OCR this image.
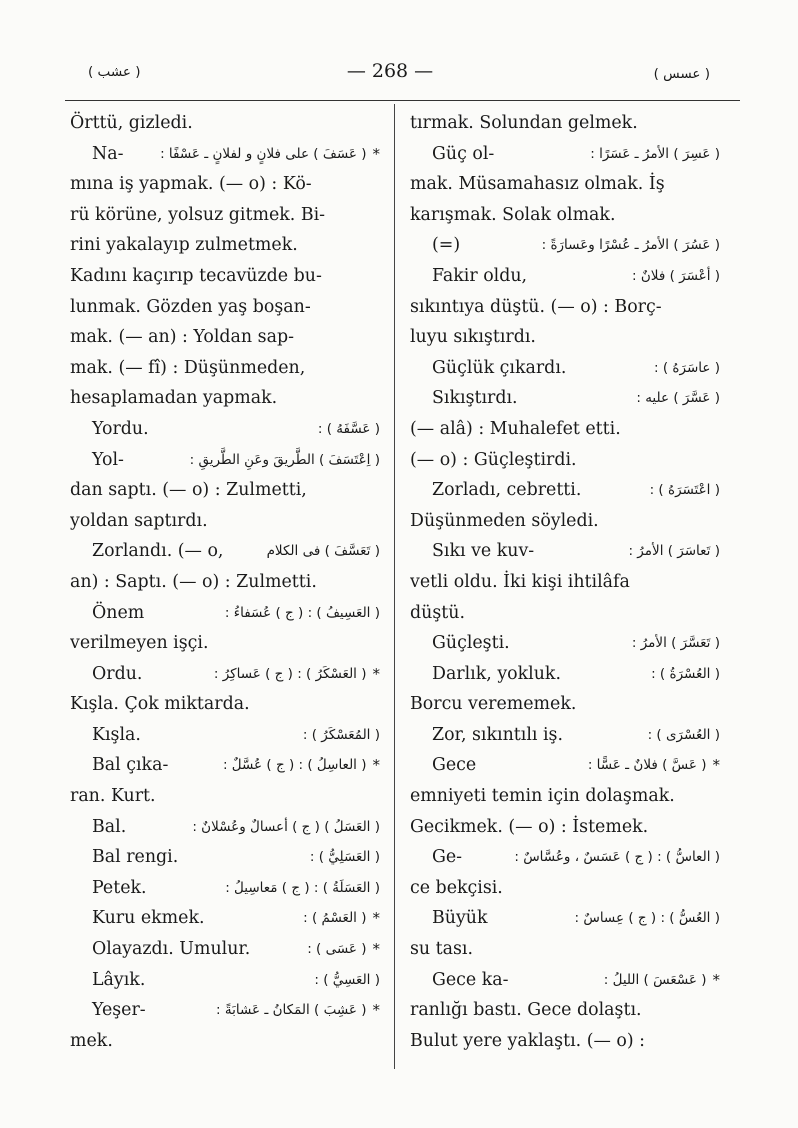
( عشب )	— 268 —	( عسس )
Örttü, gizledi.
Na-	( عَسَفَ ) علی فلانٍ و لفلانٍ ـ عَسْفًا : *
mına iş yapmak. (— o) : Kö-
rü körüne, yolsuz gitmek. Bi-
rini yakalayıp zulmetmek.
Kadını kaçırıp tecavüzde bu-
lunmak. Gözden yaş boşan-
mak. (— an) : Yoldan sap-
mak. (— fî) : Düşünmeden,
hesaplamadan yapmak.
Yordu.	( عَسَّفَهُ ) :
Yol-	( اِعْتَسَفَ ) الطَّريقَ وعَنِ الطَّريقِ :
dan saptı. (— o) : Zulmetti,
yoldan saptırdı.
Zorlandı. (— o,	( تَعَسَّفَ ) فی الكلام
an) : Saptı. (— o) : Zulmetti.
Önem	( العَسِيفُ ) : ( ج ) عُسَفاءُ :
verilmeyen işçi.
Ordu.	( العَسْكَرُ ) : ( ج ) عَساكِرُ : *
Kışla. Çok miktarda.
Kışla.	( المُعَسْكَرُ ) :
Bal çıka-	( العاسِلُ ) : ( ج ) عُسَّلٌ : *
ran. Kurt.
Bal.	( العَسَلُ ) ( ج ) أعسالٌ وعُسْلانٌ :
Bal rengi.	( العَسَلِيُّ ) :
Petek.	( العَسَلَةُ ) : ( ج ) مَعاسِيلُ :
Kuru ekmek.	( العَسْمُ ) : *
Olayazdı. Umulur.	( عَسَى ) : *
Lâyık.	( العَسِيُّ ) :
Yeşer-	( عَشِبَ ) المَكانُ ـ عَشابَةً : *
mek.
tırmak. Solundan gelmek.
Güç ol-	( عَسِرَ ) الأمرُ ـ عَسَرًا :
mak. Müsamahasız olmak. İş
karışmak. Solak olmak.
(=)	( عَسُرَ ) الأمرُ ـ عُسْرًا وعَسارَةً :
Fakir oldu,	( أعْسَرَ ) فلانٌ :
sıkıntıya düştü. (— o) : Borç-
luyu sıkıştırdı.
Güçlük çıkardı.	( عاسَرَهُ ) :
Sıkıştırdı.	( عَسَّرَ ) عليه :
(— alâ) : Muhalefet etti.
(— o) : Güçleştirdi.
Zorladı, cebretti.	( اعْتَسَرَهُ ) :
Düşünmeden söyledi.
Sıkı ve kuv-	( تَعاسَرَ ) الأمرُ :
vetli oldu. İki kişi ihtilâfa
düştü.
Güçleşti.	( تَعَسَّرَ ) الأمرُ :
Darlık, yokluk.	( العُسْرَةُ ) :
Borcu verememek.
Zor, sıkıntılı iş.	( العُسْرَى ) :
Gece	( عَسَّ ) فلانٌ ـ عَسًّا : *
emniyeti temin için dolaşmak.
Gecikmek. (— o) : İstemek.
Ge-	( العاسُّ ) : ( ج ) عَسَسٌ ، وعُسَّاسٌ :
ce bekçisi.
Büyük	( العُسُّ ) : ( ج ) عِساسٌ :
su tası.
Gece ka-	( عَسْعَسَ ) الليلُ : *
ranlığı bastı. Gece dolaştı.
Bulut yere yaklaştı. (— o) :
